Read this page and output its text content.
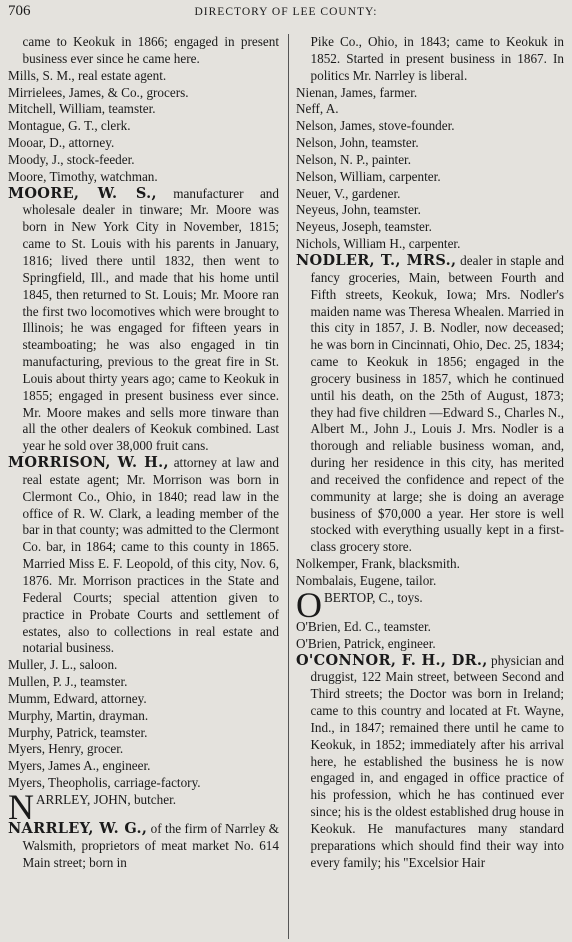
706	DIRECTORY OF LEE COUNTY:

came to Keokuk in 1866; engaged in present business ever since he came here.

Mills, S. M., real estate agent.

Mirrielees, James, & Co., grocers.

Mitchell, William, teamster.

Montague, G. T., clerk.

Mooar, D., attorney.

Moody, J., stock-feeder.

Moore, Timothy, watchman.

MOORE, W. S., manufacturer and wholesale dealer in tinware; Mr. Moore was born in New York City in November, 1815; came to St. Louis with his parents in January, 1816; lived there until 1832, then went to Springfield, Ill., and made that his home until 1845, then returned to St. Louis; Mr. Moore ran the first two locomotives which were brought to Illinois; he was engaged for fifteen years in steamboating; he was also engaged in tin manufacturing, previous to the great fire in St. Louis about thirty years ago; came to Keokuk in 1855; engaged in present business ever since. Mr. Moore makes and sells more tinware than all the other dealers of Keokuk combined. Last year he sold over 38,000 fruit cans.

MORRISON, W. H., attorney at law and real estate agent; Mr. Morrison was born in Clermont Co., Ohio, in 1840; read law in the office of R. W. Clark, a leading member of the bar in that county; was admitted to the Clermont Co. bar, in 1864; came to this county in 1865. Married Miss E. F. Leopold, of this city, Nov. 6, 1876. Mr. Morrison practices in the State and Federal Courts; special attention given to practice in Probate Courts and settlement of estates, also to collections in real estate and notarial business.

Muller, J. L., saloon.

Mullen, P. J., teamster.

Mumm, Edward, attorney.

Murphy, Martin, drayman.

Murphy, Patrick, teamster.

Myers, Henry, grocer.

Myers, James A., engineer.

Myers, Theopholis, carriage-factory.

N ARRLEY, JOHN, butcher.

NARRLEY, W. G., of the firm of Narrley & Walsmith, proprietors of meat market No. 614 Main street; born in

Pike Co., Ohio, in 1843; came to Keokuk in 1852. Started in present business in 1867. In politics Mr. Narrley is liberal.

Nienan, James, farmer.

Neff, A.

Nelson, James, stove-founder.

Nelson, John, teamster.

Nelson, N. P., painter.

Nelson, William, carpenter.

Neuer, V., gardener.

Neyeus, John, teamster.

Neyeus, Joseph, teamster.

Nichols, William H., carpenter.

NODLER, T., MRS., dealer in staple and fancy groceries, Main, between Fourth and Fifth streets, Keokuk, Iowa; Mrs. Nodler's maiden name was Theresa Whealen. Married in this city in 1857, J. B. Nodler, now deceased; he was born in Cincinnati, Ohio, Dec. 25, 1834; came to Keokuk in 1856; engaged in the grocery business in 1857, which he continued until his death, on the 25th of August, 1873; they had five children —Edward S., Charles N., Albert M., John J., Louis J. Mrs. Nodler is a thorough and reliable business woman, and, during her residence in this city, has merited and received the confidence and repect of the community at large; she is doing an average business of $70,000 a year. Her store is well stocked with everything usually kept in a first-class grocery store.

Nolkemper, Frank, blacksmith.

Nombalais, Eugene, tailor.

O BERTOP, C., toys.

O'Brien, Ed. C., teamster.

O'Brien, Patrick, engineer.

O'CONNOR, F. H., DR., physician and druggist, 122 Main street, between Second and Third streets; the Doctor was born in Ireland; came to this country and located at Ft. Wayne, Ind., in 1847; remained there until he came to Keokuk, in 1852; immediately after his arrival here, he established the business he is now engaged in, and engaged in office practice of his profession, which he has continued ever since; his is the oldest established drug house in Keokuk. He manufactures many standard preparations which should find their way into every family; his "Excelsior Hair
